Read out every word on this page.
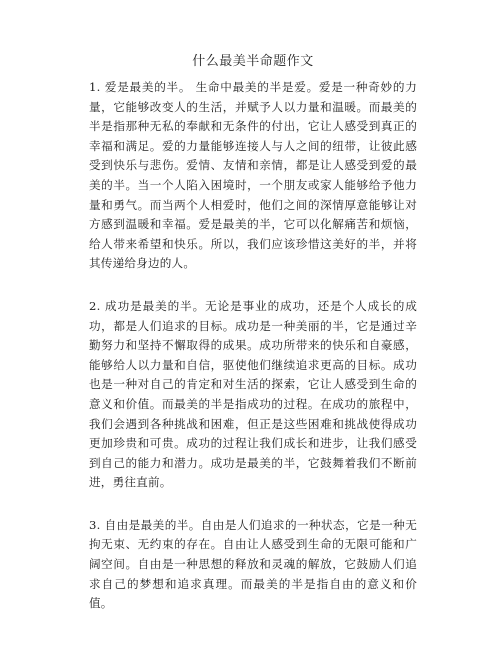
什么最美半命题作文

1. 爱是最美的半。 生命中最美的半是爱。爱是一种奇妙的力量，它能够改变人的生活，并赋予人以力量和温暖。而最美的半是指那种无私的奉献和无条件的付出，它让人感受到真正的幸福和满足。爱的力量能够连接人与人之间的纽带，让彼此感受到快乐与悲伤。爱情、友情和亲情，都是让人感受到爱的最美的半。当一个人陷入困境时，一个朋友或家人能够给予他力量和勇气。而当两个人相爱时，他们之间的深情厚意能够让对方感到温暖和幸福。爱是最美的半，它可以化解痛苦和烦恼，给人带来希望和快乐。所以，我们应该珍惜这美好的半，并将其传递给身边的人。

2. 成功是最美的半。无论是事业的成功，还是个人成长的成功，都是人们追求的目标。成功是一种美丽的半，它是通过辛勤努力和坚持不懈取得的成果。成功所带来的快乐和自豪感，能够给人以力量和自信，驱使他们继续追求更高的目标。成功也是一种对自己的肯定和对生活的探索，它让人感受到生命的意义和价值。而最美的半是指成功的过程。在成功的旅程中，我们会遇到各种挑战和困难，但正是这些困难和挑战使得成功更加珍贵和可贵。成功的过程让我们成长和进步，让我们感受到自己的能力和潜力。成功是最美的半，它鼓舞着我们不断前进，勇往直前。

3. 自由是最美的半。自由是人们追求的一种状态，它是一种无拘无束、无约束的存在。自由让人感受到生命的无限可能和广阔空间。自由是一种思想的释放和灵魂的解放，它鼓励人们追求自己的梦想和追求真理。而最美的半是指自由的意义和价值。
